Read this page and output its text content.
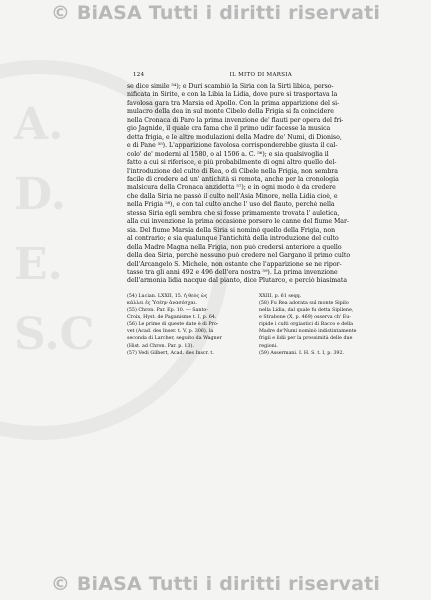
© BiASA Tutti i diritti riservati
A.D.E.S.C
124	IL MITO DI MARSIA
se dice simile ⁵⁴); e Duri scambiò la Siria con la Sirti libica, perso-
nificata in Sirite, e con la Libia la Lidia, dove pure si trasportava la
favolosa gara tra Marsia ed Apollo. Con la prima apparizione del si-
mulacro della dea in sul monte Cibelo della Frigia si fa coincidere
nella Cronaca di Paro la prima invenzione de' flauti per opera del fri-
gio Jagnide, il quale cra fama che il primo udir facesse la musica
detta frigia, e le altre modulazioni della Madre de' Numi, di Dioniso,
e di Pane ⁵⁵). L'apparizione favolosa corrisponderebbe giusta il cal-
colo' de' moderni al 1580, o al 1506 a. C. ⁵⁶); e sia qualsivoglia il
fatto a cui si riferisce, e più probabilmente di ogni altro quello del-
l'introduzione del culto di Rea, o di Cibele nella Frigia, non sembra
facile di credere ad un' antichità sì remota, anche per la cronologia
malsicura della Cronaca anzidetta ⁵⁷); e in ogni modo è da credere
che dalla Siria ne passò il culto nell'Asia Minore, nella Lidia cioè, e
nella Frigia ⁵⁸), e con tal culto anche l' uso del flauto, perchè nella
stessa Siria egli sembra che si fosse primamente trovata l' auletica,
alla cui invenzione la prima occasione porsero le canne del fiume Mar-
sia. Del fiume Marsia della Siria si nominò quello della Frigia, non
al contrario; e sia qualunque l'antichità della introduzione del culto
della Madre Magna nella Frigia, non può credersi anteriore a quello
della dea Siria, perchè nessuno può credere nel Gargano il primo culto
dell'Arcangelo S. Michele, non ostante che l'apparizione se ne ripor-
tasse tra gli anni 492 e 496 dell'era nostra ⁵⁹). La prima invenzione
dell'armonia lidia nacque dal pianto, dice Plutarco, e perciò biasimata
(54) Lucian. LXXII, 15. ἡ θεὸς ὡς
κάλλει ἐς Ὑσέην ἀνασέσχαι.
(55) Chron. Par. Ep. 10. — Santo-
Croix, Hyst. de Paganisme t. I, p. 64.
(56) Le prime di queste date è di Pro-
vet (Acad. des Inser. t. V, p. 306), la
seconda di Larcher, seguito da Wagner
(Hist. ad Chron. Par. p. 13).
(57) Vedi Gilbert, Acad. des Inscr. t.
XXIII, p. 61 seqq.
(58) Fu Rea adorata sul monte Sipilo
nella Lidia, dal quale fu detta Sipilene,
e Strabone (X, p. 469) osserva ch' Eu-
ripide i culti orgiastici di Bacco e della
Madre de'Numi nominò indistintamente
frigii e lidii per la prossimità delle due
regioni.
(59) Assermani. I. H. S. t. I, p. 392.
© BiASA Tutti i diritti riservati
